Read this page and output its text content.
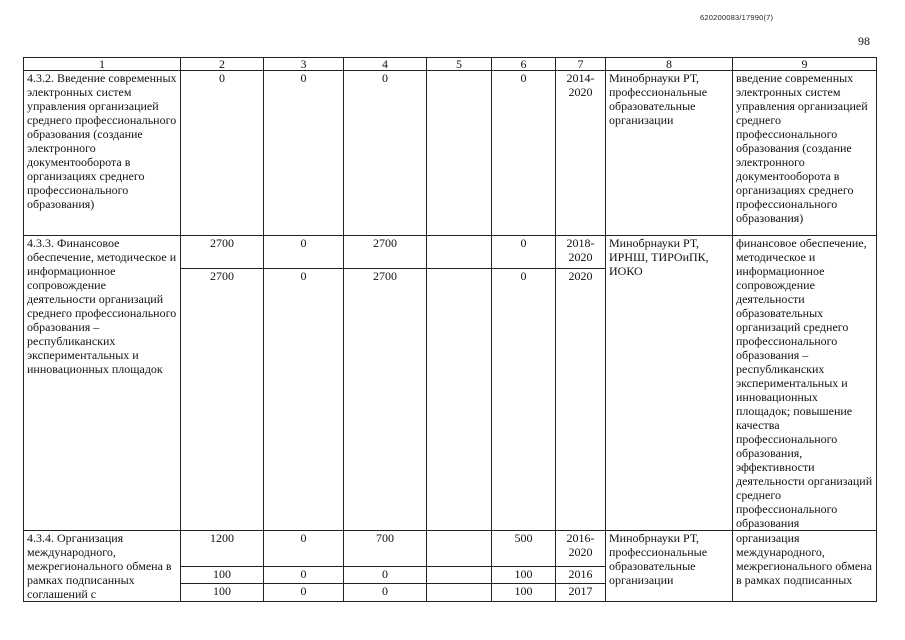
620200083/17990(7)
98
1	2	3	4	5	6	7	8	9
4.3.2. Введение современных электронных систем управления организацией среднего профессионального образования (создание электронного документооборота в организациях среднего профессионального образования)	0	0	0		0	2014-2020	Минобрнауки РТ, профессиональные образовательные организации	введение современных электронных систем управления организацией среднего профессионального образования (создание электронного документооборота в организациях среднего профессионального образования)
4.3.3. Финансовое обеспечение, методическое и информационное сопровождение деятельности организаций среднего профессионального образования – республиканских экспериментальных и инновационных площадок	2700	0	2700		0	2018-2020	Минобрнауки РТ, ИРНШ, ТИРОиПК, ИОКО	финансовое обеспечение, методическое и информационное сопровождение деятельности образовательных организаций среднего профессионального образования – республиканских экспериментальных и инновационных площадок; повышение качества профессионального образования, эффективности деятельности организаций среднего профессионального образования
	2700	0	2700		0	2020		
4.3.4. Организация международного, межрегионального обмена в рамках подписанных соглашений с	1200	0	700		500	2016-2020	Минобрнауки РТ, профессиональные образовательные организации	организация международного, межрегионального обмена в рамках подписанных
	100	0	0		100	2016		
	100	0	0		100	2017		
